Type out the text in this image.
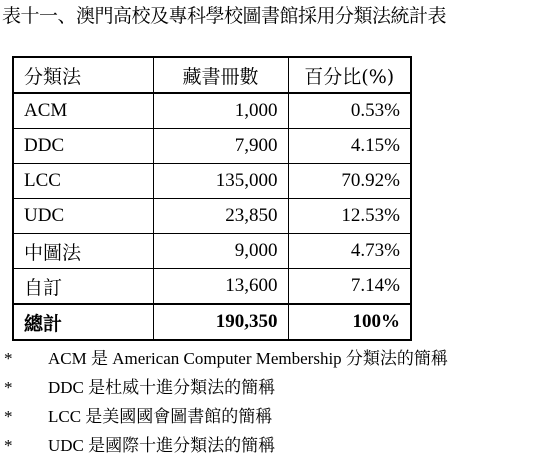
表十一、澳門高校及專科學校圖書館採用分類法統計表
分類法	藏書冊數	百分比(%)
ACM	1,000	0.53%
DDC	7,900	4.15%
LCC	135,000	70.92%
UDC	23,850	12.53%
中圖法	9,000	4.73%
自訂	13,600	7.14%
總計	190,350	100%
*	ACM 是 American Computer Membership 分類法的簡稱
*	DDC 是杜威十進分類法的簡稱
*	LCC 是美國國會圖書館的簡稱
*	UDC 是國際十進分類法的簡稱
